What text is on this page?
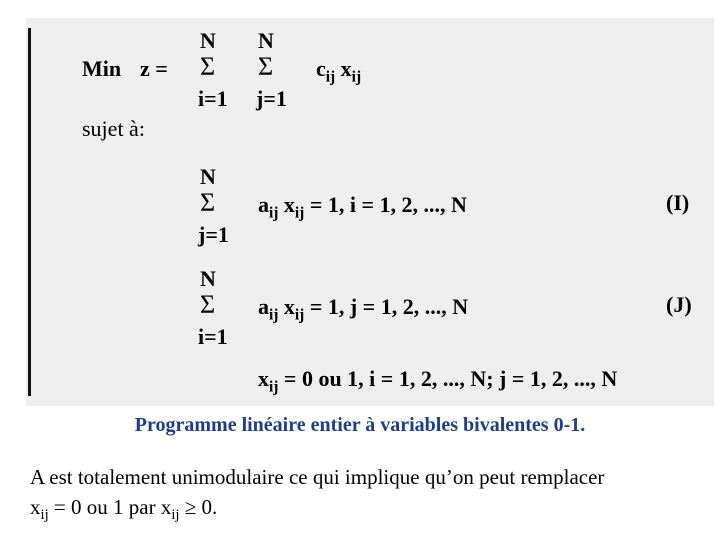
Min z =
N
Σ
i=1
N
Σ
j=1
$c_{ij}$ $x_{ij}$
sujet à:
N
Σ
j=1
$a_{ij}$ $x_{ij} = 1$, i = 1, 2, ..., N	(I)
N
Σ
i=1
$a_{ij}$ $x_{ij} = 1$, j = 1, 2, ..., N	(J)
$x_{ij} = 0$ ou 1, i = 1, 2, ..., N; j = 1, 2, ..., N
Programme linéaire entier à variables bivalentes 0-1.
A est totalement unimodulaire ce qui implique qu’on peut remplacer
$x_{ij} = 0$ ou 1 par $x_{ij} \ge 0$.
